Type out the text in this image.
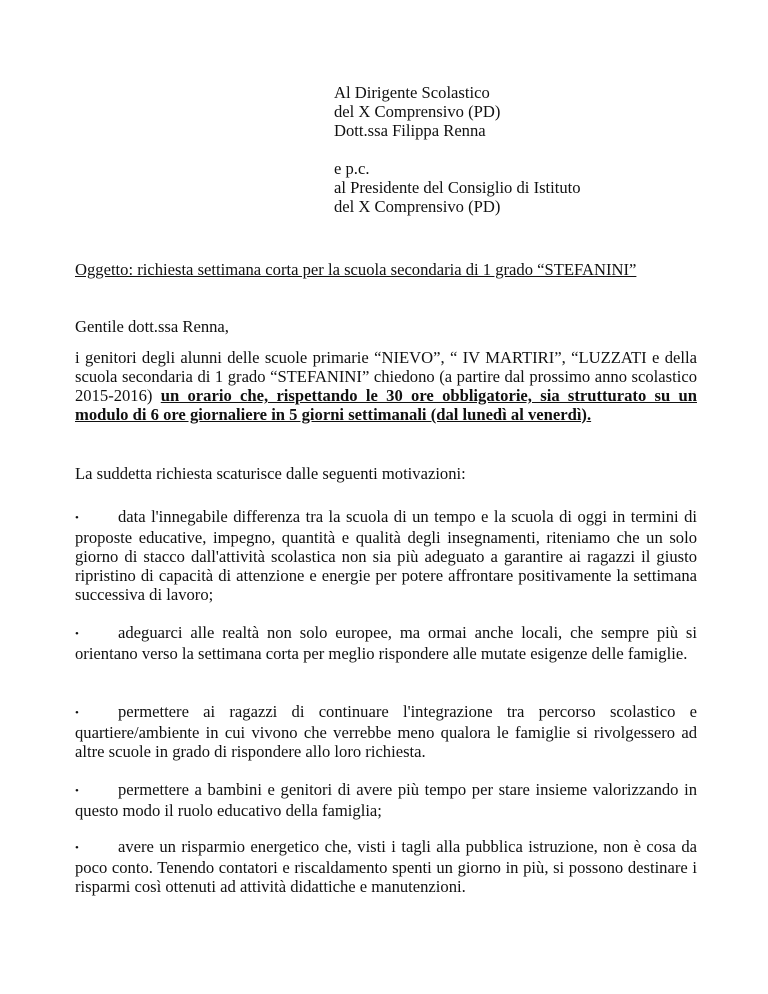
Al Dirigente Scolastico
del X Comprensivo (PD)
Dott.ssa Filippa Renna
e p.c.
al Presidente del Consiglio di Istituto
del X Comprensivo (PD)
Oggetto: richiesta settimana corta per la scuola secondaria di 1 grado “STEFANINI”
Gentile dott.ssa Renna,
i genitori degli alunni delle scuole primarie “NIEVO”, “ IV MARTIRI”, “LUZZATI e della scuola secondaria di 1 grado “STEFANINI” chiedono (a partire dal prossimo anno scolastico 2015-2016) un orario che, rispettando le 30 ore obbligatorie, sia strutturato su un modulo di 6 ore giornaliere in 5 giorni settimanali (dal lunedì al venerdì).
La suddetta richiesta scaturisce dalle seguenti motivazioni:
• data l'innegabile differenza tra la scuola di un tempo e la scuola di oggi in termini di proposte educative, impegno, quantità e qualità degli insegnamenti, riteniamo che un solo giorno di stacco dall'attività scolastica non sia più adeguato a garantire ai ragazzi il giusto ripristino di capacità di attenzione e energie per potere affrontare positivamente la settimana successiva di lavoro;
• adeguarci alle realtà non solo europee, ma ormai anche locali, che sempre più si orientano verso la settimana corta per meglio rispondere alle mutate esigenze delle famiglie.
• permettere ai ragazzi di continuare l'integrazione tra percorso scolastico e quartiere/ambiente in cui vivono che verrebbe meno qualora le famiglie si rivolgessero ad altre scuole in grado di rispondere allo loro richiesta.
• permettere a bambini e genitori di avere più tempo per stare insieme valorizzando in questo modo il ruolo educativo della famiglia;
• avere un risparmio energetico che, visti i tagli alla pubblica istruzione, non è cosa da poco conto. Tenendo contatori e riscaldamento spenti un giorno in più, si possono destinare i risparmi così ottenuti ad attività didattiche e manutenzioni.
